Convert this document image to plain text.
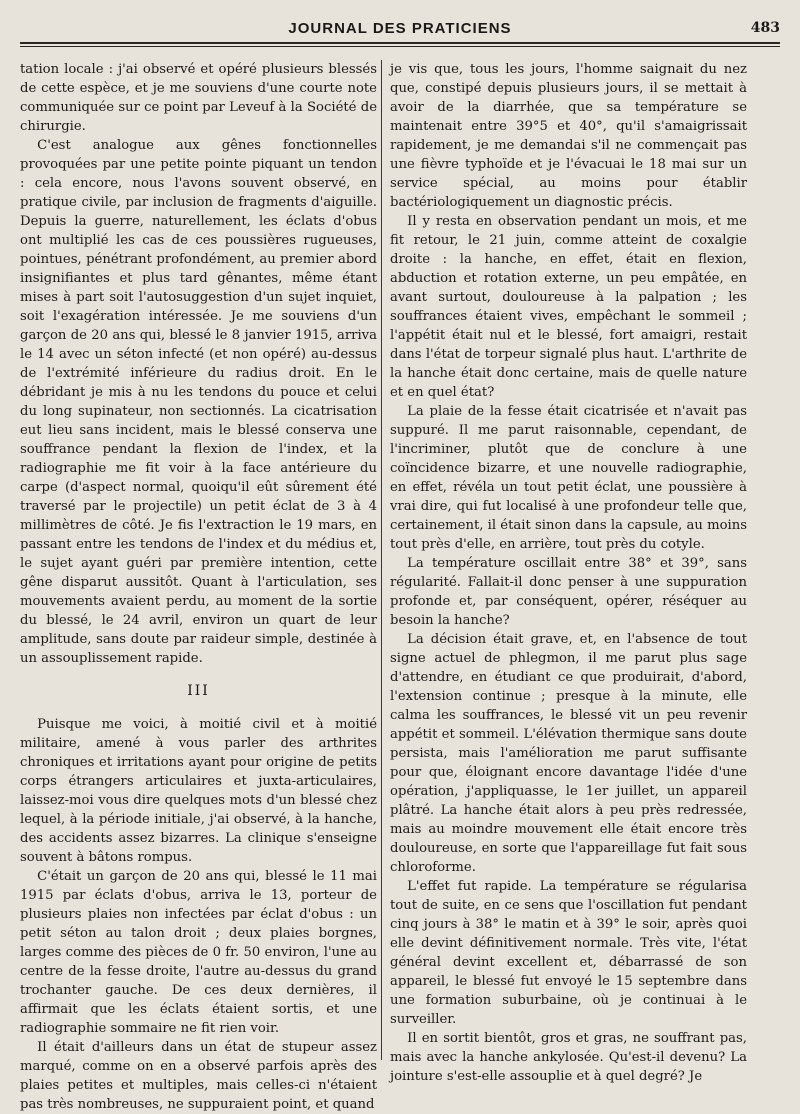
JOURNAL DES PRATICIENS	483

tation locale : j'ai observé et opéré plusieurs blessés de cette espèce, et je me souviens d'une courte note communiquée sur ce point par Leveuf à la Société de chirurgie.

C'est analogue aux gênes fonctionnelles provoquées par une petite pointe piquant un tendon : cela encore, nous l'avons souvent observé, en pratique civile, par inclusion de fragments d'aiguille. Depuis la guerre, naturellement, les éclats d'obus ont multiplié les cas de ces poussières rugueuses, pointues, pénétrant profondément, au premier abord insignifiantes et plus tard gênantes, même étant mises à part soit l'autosuggestion d'un sujet inquiet, soit l'exagération intéressée. Je me souviens d'un garçon de 20 ans qui, blessé le 8 janvier 1915, arriva le 14 avec un séton infecté (et non opéré) au-dessus de l'extrémité inférieure du radius droit. En le débridant je mis à nu les tendons du pouce et celui du long supinateur, non sectionnés. La cicatrisation eut lieu sans incident, mais le blessé conserva une souffrance pendant la flexion de l'index, et la radiographie me fit voir à la face antérieure du carpe (d'aspect normal, quoiqu'il eût sûrement été traversé par le projectile) un petit éclat de 3 à 4 millimètres de côté. Je fis l'extraction le 19 mars, en passant entre les tendons de l'index et du médius et, le sujet ayant guéri par première intention, cette gêne disparut aussitôt. Quant à l'articulation, ses mouvements avaient perdu, au moment de la sortie du blessé, le 24 avril, environ un quart de leur amplitude, sans doute par raideur simple, destinée à un assouplissement rapide.

III

Puisque me voici, à moitié civil et à moitié militaire, amené à vous parler des arthrites chroniques et irritations ayant pour origine de petits corps étrangers articulaires et juxta-articulaires, laissez-moi vous dire quelques mots d'un blessé chez lequel, à la période initiale, j'ai observé, à la hanche, des accidents assez bizarres. La clinique s'enseigne souvent à bâtons rompus.

C'était un garçon de 20 ans qui, blessé le 11 mai 1915 par éclats d'obus, arriva le 13, porteur de plusieurs plaies non infectées par éclat d'obus : un petit séton au talon droit ; deux plaies borgnes, larges comme des pièces de 0 fr. 50 environ, l'une au centre de la fesse droite, l'autre au-dessus du grand trochanter gauche. De ces deux dernières, il affirmait que les éclats étaient sortis, et une radiographie sommaire ne fit rien voir.

Il était d'ailleurs dans un état de stupeur assez marqué, comme on en a observé parfois après des plaies petites et multiples, mais celles-ci n'étaient pas très nombreuses, ne suppuraient point, et quand

je vis que, tous les jours, l'homme saignait du nez que, constipé depuis plusieurs jours, il se mettait à avoir de la diarrhée, que sa température se maintenait entre 39°5 et 40°, qu'il s'amaigrissait rapidement, je me demandai s'il ne commençait pas une fièvre typhoïde et je l'évacuai le 18 mai sur un service spécial, au moins pour établir bactériologiquement un diagnostic précis.

Il y resta en observation pendant un mois, et me fit retour, le 21 juin, comme atteint de coxalgie droite : la hanche, en effet, était en flexion, abduction et rotation externe, un peu empâtée, en avant surtout, douloureuse à la palpation ; les souffrances étaient vives, empêchant le sommeil ; l'appétit était nul et le blessé, fort amaigri, restait dans l'état de torpeur signalé plus haut. L'arthrite de la hanche était donc certaine, mais de quelle nature et en quel état?

La plaie de la fesse était cicatrisée et n'avait pas suppuré. Il me parut raisonnable, cependant, de l'incriminer, plutôt que de conclure à une coïncidence bizarre, et une nouvelle radiographie, en effet, révéla un tout petit éclat, une poussière à vrai dire, qui fut localisé à une profondeur telle que, certainement, il était sinon dans la capsule, au moins tout près d'elle, en arrière, tout près du cotyle.

La température oscillait entre 38° et 39°, sans régularité. Fallait-il donc penser à une suppuration profonde et, par conséquent, opérer, réséquer au besoin la hanche?

La décision était grave, et, en l'absence de tout signe actuel de phlegmon, il me parut plus sage d'attendre, en étudiant ce que produirait, d'abord, l'extension continue ; presque à la minute, elle calma les souffrances, le blessé vit un peu revenir appétit et sommeil. L'élévation thermique sans doute persista, mais l'amélioration me parut suffisante pour que, éloignant encore davantage l'idée d'une opération, j'appliquasse, le 1er juillet, un appareil plâtré. La hanche était alors à peu près redressée, mais au moindre mouvement elle était encore très douloureuse, en sorte que l'appareillage fut fait sous chloroforme.

L'effet fut rapide. La température se régularisa tout de suite, en ce sens que l'oscillation fut pendant cinq jours à 38° le matin et à 39° le soir, après quoi elle devint définitivement normale. Très vite, l'état général devint excellent et, débarrassé de son appareil, le blessé fut envoyé le 15 septembre dans une formation suburbaine, où je continuai à le surveiller.

Il en sortit bientôt, gros et gras, ne souffrant pas, mais avec la hanche ankylosée. Qu'est-il devenu? La jointure s'est-elle assouplie et à quel degré? Je
